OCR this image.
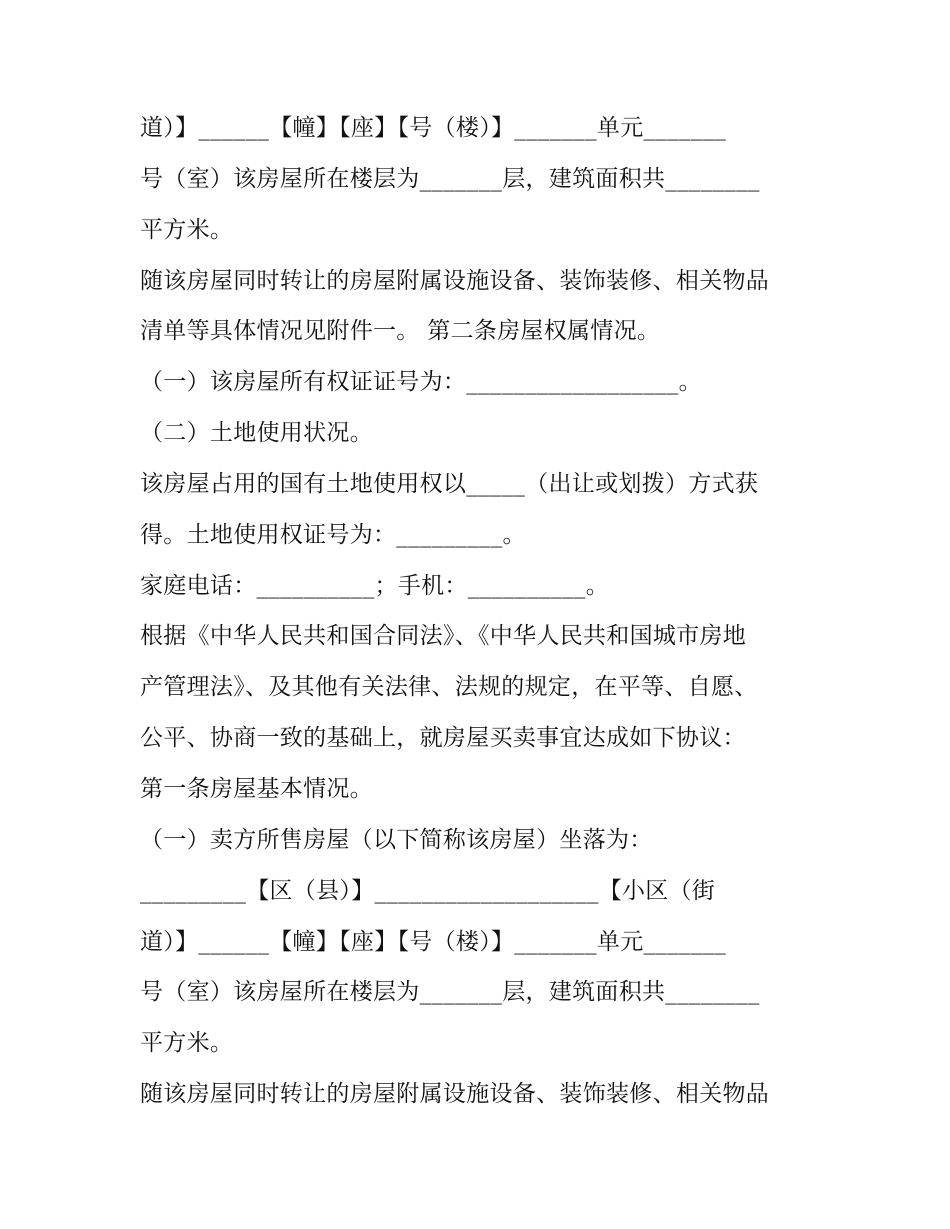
道）】______【幢】【座】【号（楼）】_______单元_______
号（室）该房屋所在楼层为_______层，建筑面积共________
平方米。
随该房屋同时转让的房屋附属设施设备、装饰装修、相关物品
清单等具体情况见附件一。 第二条房屋权属情况。
（一）该房屋所有权证证号为：__________________。
（二）土地使用状况。
该房屋占用的国有土地使用权以_____（出让或划拨）方式获
得。土地使用权证号为：_________。
家庭电话：__________；手机：__________。
根据《中华人民共和国合同法》、《中华人民共和国城市房地
产管理法》、及其他有关法律、法规的规定，在平等、自愿、
公平、协商一致的基础上，就房屋买卖事宜达成如下协议：
第一条房屋基本情况。
（一）卖方所售房屋（以下简称该房屋）坐落为：
_________【区（县）】___________________【小区（街
道）】______【幢】【座】【号（楼）】_______单元_______
号（室）该房屋所在楼层为_______层，建筑面积共________
平方米。
随该房屋同时转让的房屋附属设施设备、装饰装修、相关物品
